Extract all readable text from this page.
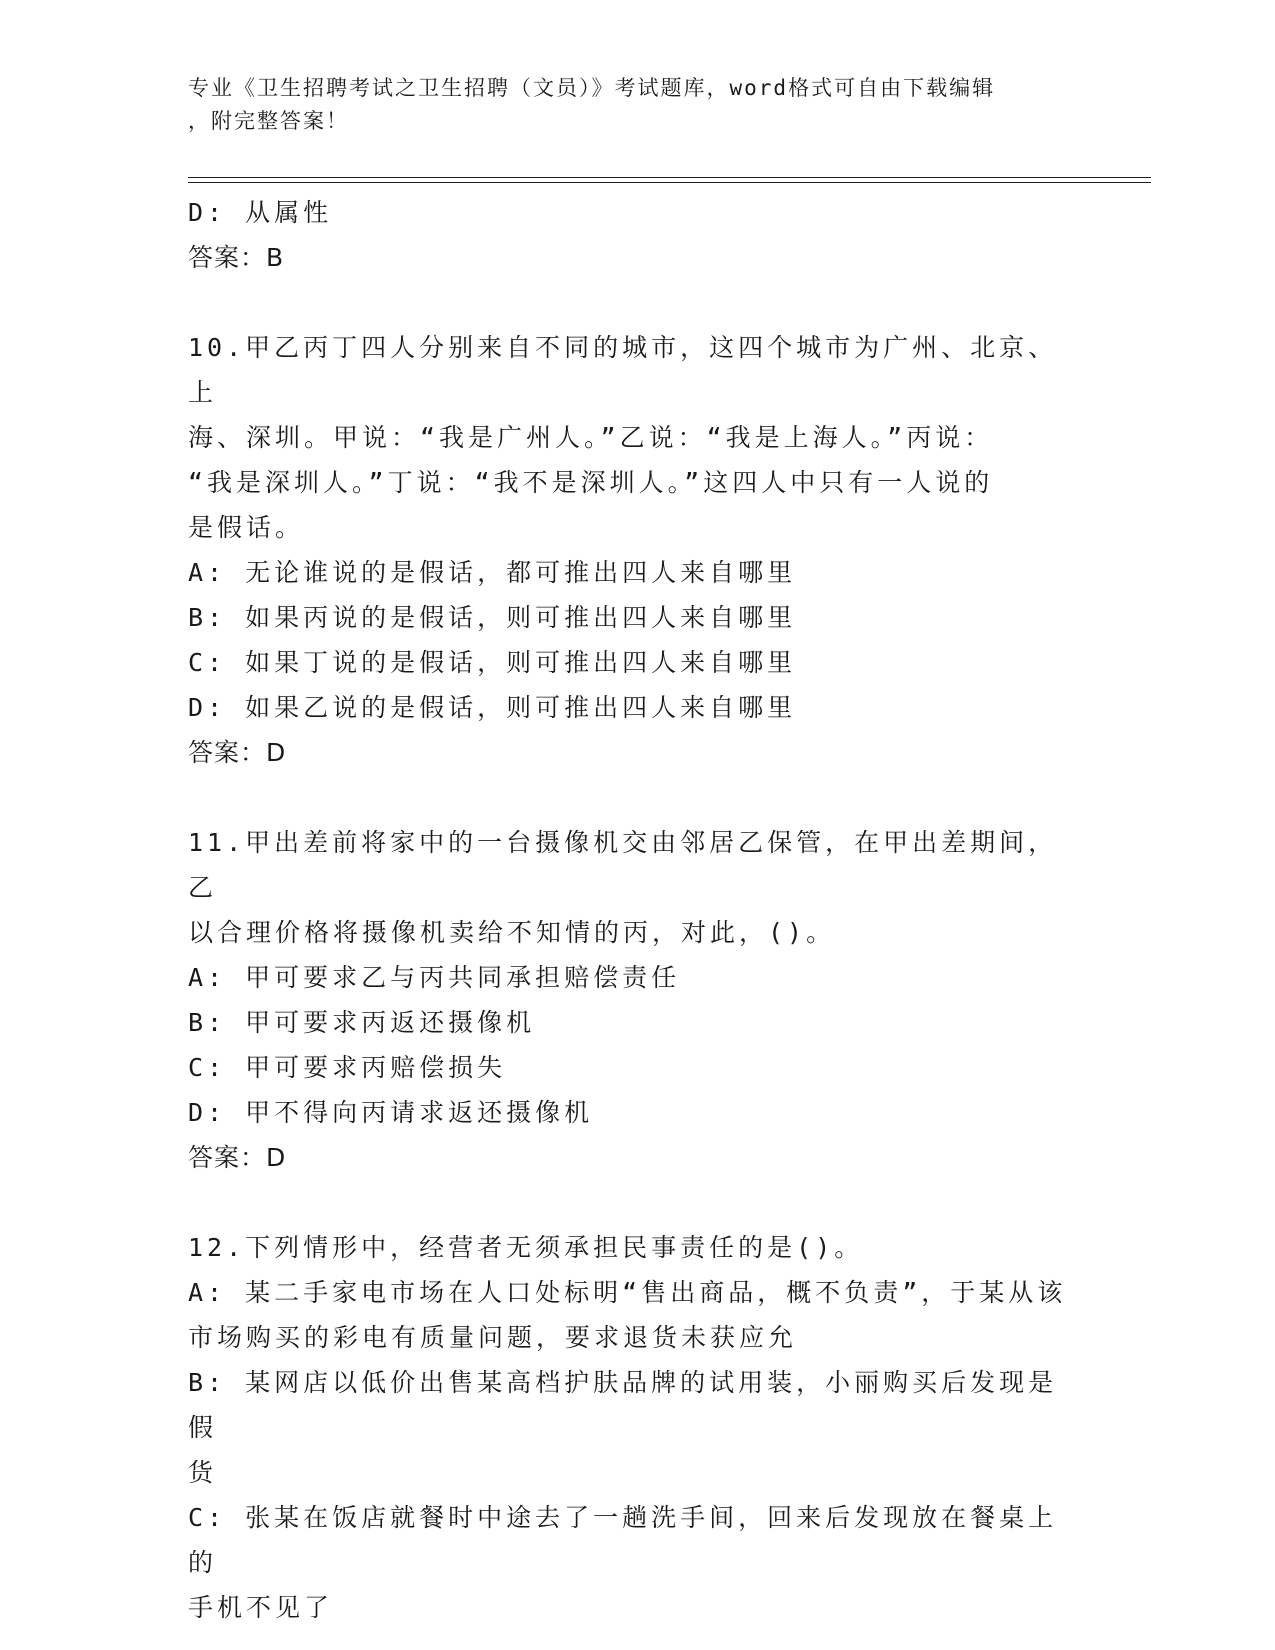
专业《卫生招聘考试之卫生招聘（文员）》考试题库，word格式可自由下载编辑
，附完整答案！
D: 从属性
答案：B
10.甲乙丙丁四人分别来自不同的城市，这四个城市为广州、北京、上
海、深圳。甲说：“我是广州人。”乙说：“我是上海人。”丙说：
“我是深圳人。”丁说：“我不是深圳人。”这四人中只有一人说的
是假话。
A: 无论谁说的是假话，都可推出四人来自哪里
B: 如果丙说的是假话，则可推出四人来自哪里
C: 如果丁说的是假话，则可推出四人来自哪里
D: 如果乙说的是假话，则可推出四人来自哪里
答案：D
11.甲出差前将家中的一台摄像机交由邻居乙保管，在甲出差期间，乙
以合理价格将摄像机卖给不知情的丙，对此，()。
A: 甲可要求乙与丙共同承担赔偿责任
B: 甲可要求丙返还摄像机
C: 甲可要求丙赔偿损失
D: 甲不得向丙请求返还摄像机
答案：D
12.下列情形中，经营者无须承担民事责任的是()。
A: 某二手家电市场在人口处标明“售出商品，概不负责”，于某从该
市场购买的彩电有质量问题，要求退货未获应允
B: 某网店以低价出售某高档护肤品牌的试用装，小丽购买后发现是假
货
C: 张某在饭店就餐时中途去了一趟洗手间，回来后发现放在餐桌上的
手机不见了
